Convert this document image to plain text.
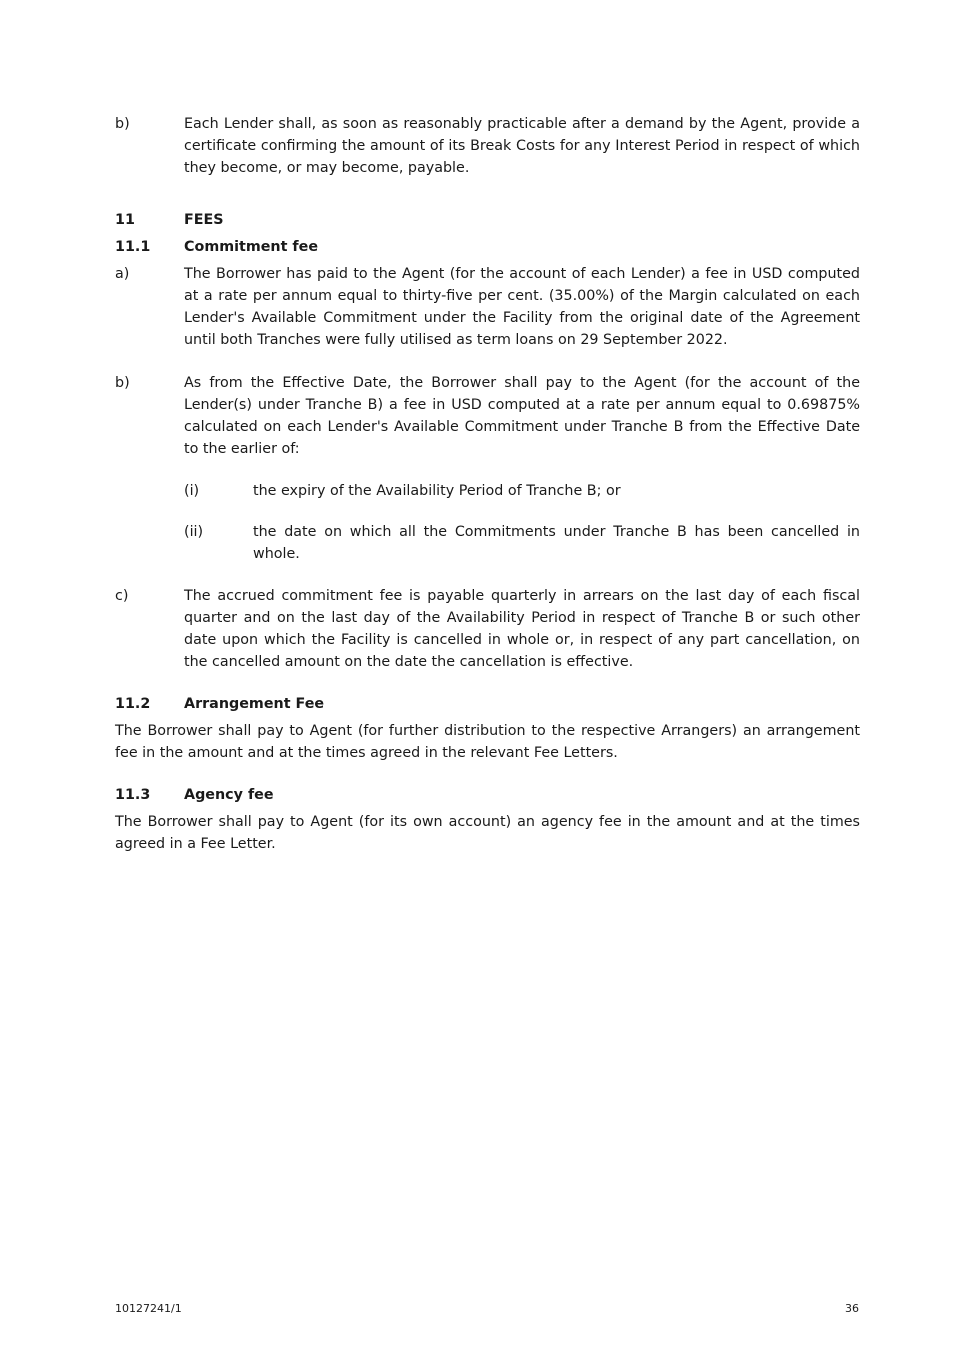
b)	Each Lender shall, as soon as reasonably practicable after a demand by the Agent, provide a certificate confirming the amount of its Break Costs for any Interest Period in respect of which they become, or may become, payable.
11	FEES
11.1 Commitment fee
a)	The Borrower has paid to the Agent (for the account of each Lender) a fee in USD computed at a rate per annum equal to thirty-five per cent. (35.00%) of the Margin calculated on each Lender's Available Commitment under the Facility from the original date of the Agreement until both Tranches were fully utilised as term loans on 29 September 2022.
b)	As from the Effective Date, the Borrower shall pay to the Agent (for the account of the Lender(s) under Tranche B) a fee in USD computed at a rate per annum equal to 0.69875% calculated on each Lender's Available Commitment under Tranche B from the Effective Date to the earlier of:
(i)	the expiry of the Availability Period of Tranche B; or
(ii)	the date on which all the Commitments under Tranche B has been cancelled in whole.
c)	The accrued commitment fee is payable quarterly in arrears on the last day of each fiscal quarter and on the last day of the Availability Period in respect of Tranche B or such other date upon which the Facility is cancelled in whole or, in respect of any part cancellation, on the cancelled amount on the date the cancellation is effective.
11.2 Arrangement Fee
The Borrower shall pay to Agent (for further distribution to the respective Arrangers) an arrangement fee in the amount and at the times agreed in the relevant Fee Letters.
11.3 Agency fee
The Borrower shall pay to Agent (for its own account) an agency fee in the amount and at the times agreed in a Fee Letter.
10127241/1	36
